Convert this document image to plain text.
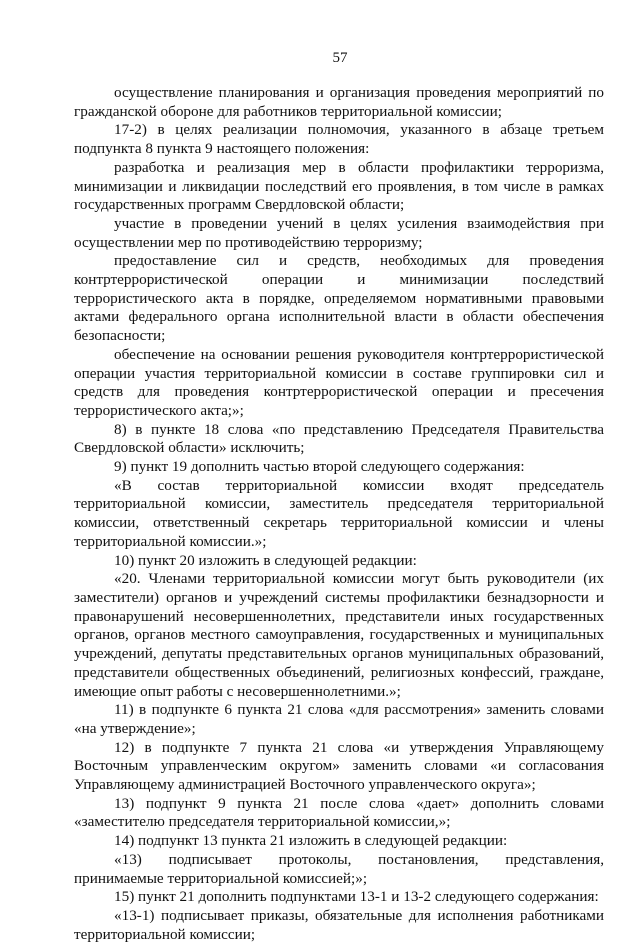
57

осуществление планирования и организация проведения мероприятий по гражданской обороне для работников территориальной комиссии;

17-2) в целях реализации полномочия, указанного в абзаце третьем подпункта 8 пункта 9 настоящего положения:

разработка и реализация мер в области профилактики терроризма, минимизации и ликвидации последствий его проявления, в том числе в рамках государственных программ Свердловской области;

участие в проведении учений в целях усиления взаимодействия при осуществлении мер по противодействию терроризму;

предоставление сил и средств, необходимых для проведения контртеррористической операции и минимизации последствий террористического акта в порядке, определяемом нормативными правовыми актами федерального органа исполнительной власти в области обеспечения безопасности;

обеспечение на основании решения руководителя контртеррористической операции участия территориальной комиссии в составе группировки сил и средств для проведения контртеррористической операции и пресечения террористического акта;»;

8) в пункте 18 слова «по представлению Председателя Правительства Свердловской области» исключить;

9) пункт 19 дополнить частью второй следующего содержания:

«В состав территориальной комиссии входят председатель территориальной комиссии, заместитель председателя территориальной комиссии, ответственный секретарь территориальной комиссии и члены территориальной комиссии.»;

10) пункт 20 изложить в следующей редакции:

«20. Членами территориальной комиссии могут быть руководители (их заместители) органов и учреждений системы профилактики безнадзорности и правонарушений несовершеннолетних, представители иных государственных органов, органов местного самоуправления, государственных и муниципальных учреждений, депутаты представительных органов муниципальных образований, представители общественных объединений, религиозных конфессий, граждане, имеющие опыт работы с несовершеннолетними.»;

11) в подпункте 6 пункта 21 слова «для рассмотрения» заменить словами «на утверждение»;

12) в подпункте 7 пункта 21 слова «и утверждения Управляющему Восточным управленческим округом» заменить словами «и согласования Управляющему администрацией Восточного управленческого округа»;

13) подпункт 9 пункта 21 после слова «дает» дополнить словами «заместителю председателя территориальной комиссии,»;

14) подпункт 13 пункта 21 изложить в следующей редакции:

«13) подписывает протоколы, постановления, представления, принимаемые территориальной комиссией;»;

15) пункт 21 дополнить подпунктами 13-1 и 13-2 следующего содержания:

«13-1) подписывает приказы, обязательные для исполнения работниками территориальной комиссии;
